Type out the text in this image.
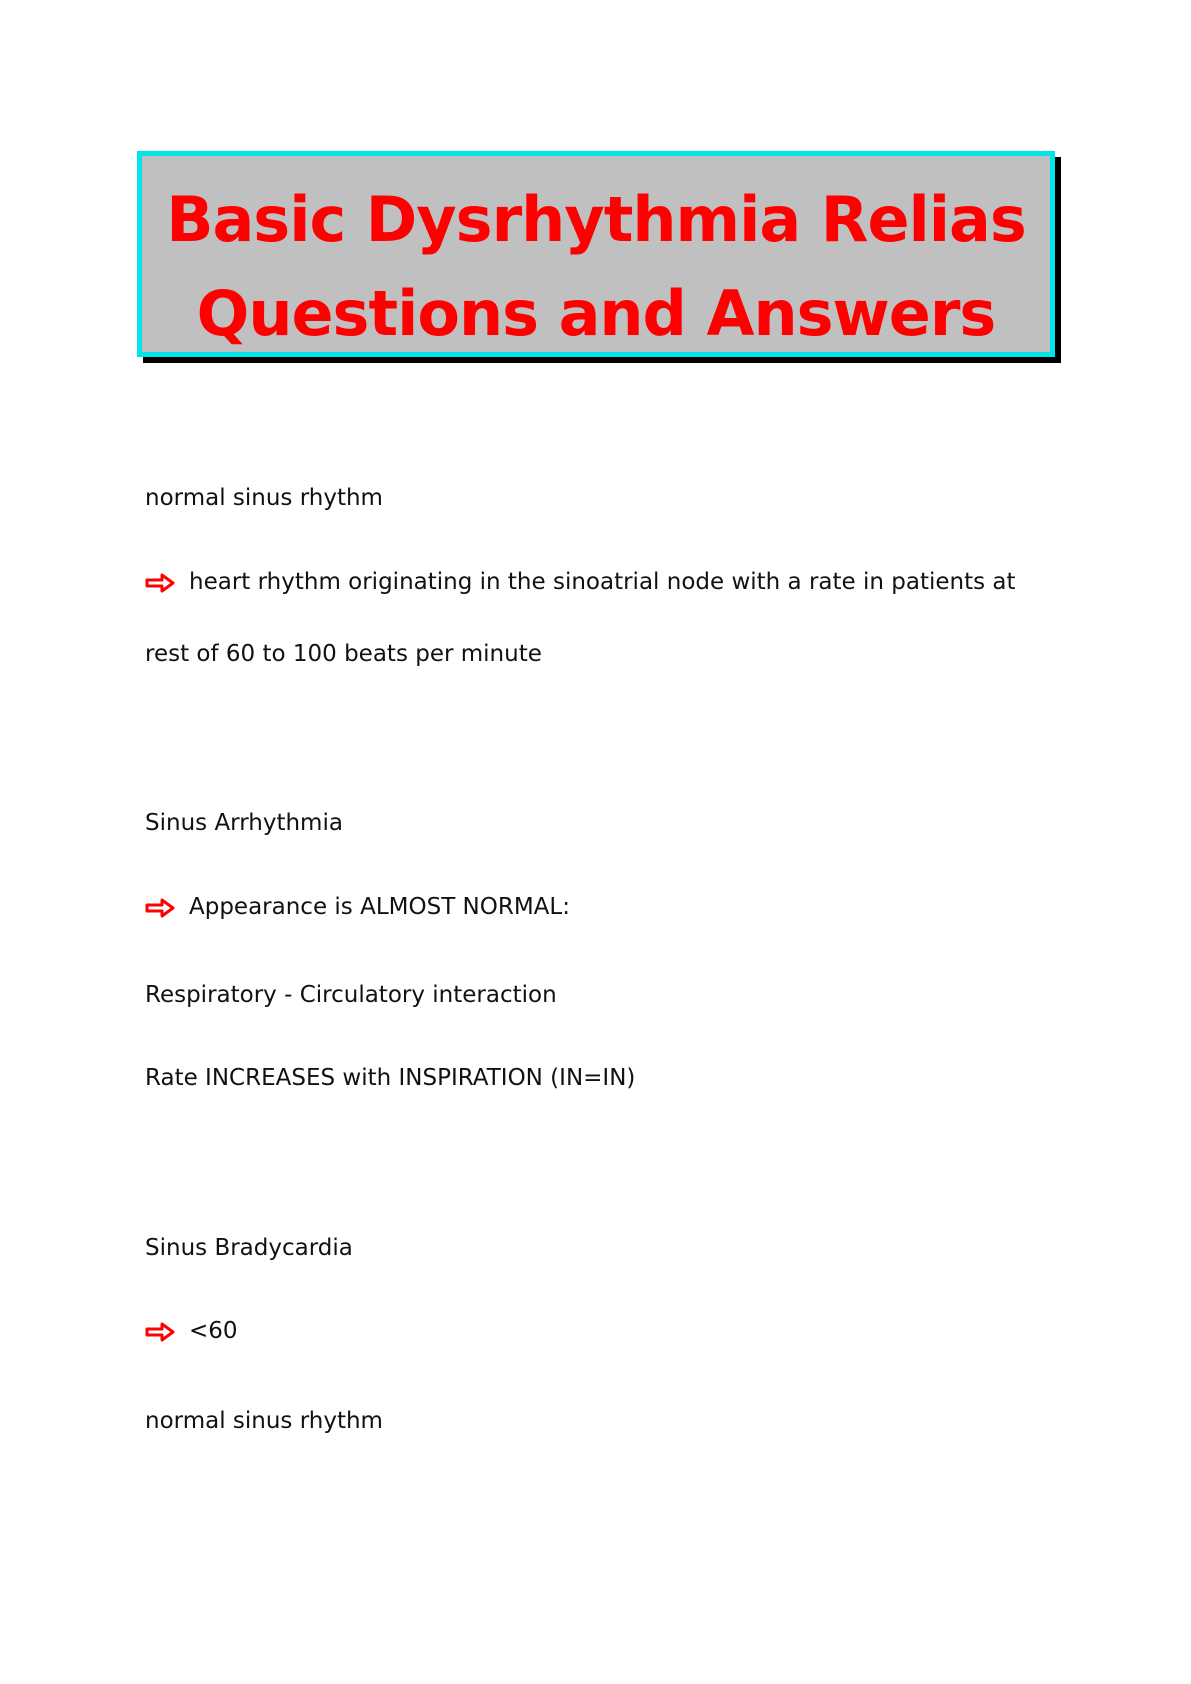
Basic Dysrhythmia Relias
Questions and Answers
normal sinus rhythm
heart rhythm originating in the sinoatrial node with a rate in patients at
rest of 60 to 100 beats per minute
Sinus Arrhythmia
Appearance is ALMOST NORMAL:
Respiratory - Circulatory interaction
Rate INCREASES with INSPIRATION (IN=IN)
Sinus Bradycardia
<60
normal sinus rhythm
